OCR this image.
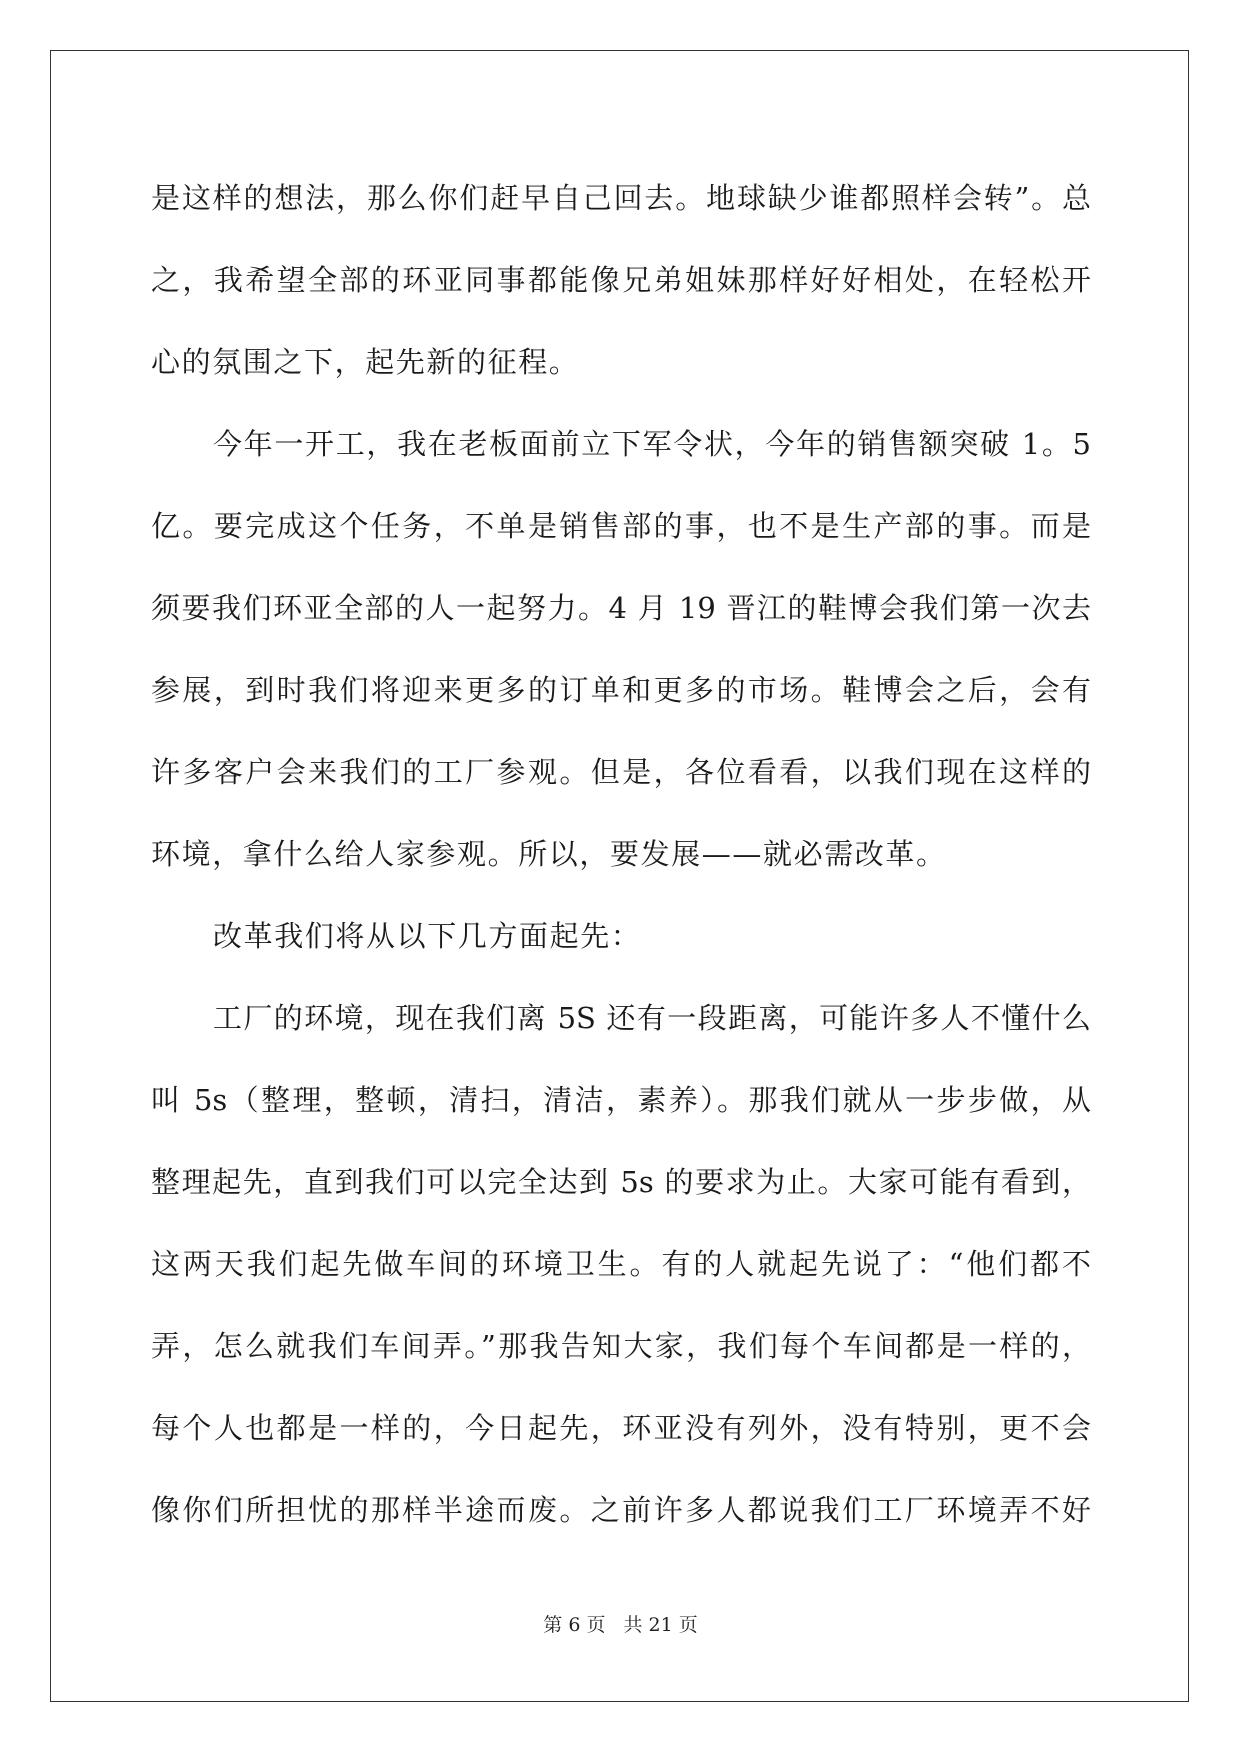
是这样的想法，那么你们赶早自己回去。地球缺少谁都照样会转”。总
之，我希望全部的环亚同事都能像兄弟姐妹那样好好相处，在轻松开
心的氛围之下，起先新的征程。
今年一开工，我在老板面前立下军令状，今年的销售额突破 1。5
亿。要完成这个任务，不单是销售部的事，也不是生产部的事。而是
须要我们环亚全部的人一起努力。4 月 19 晋江的鞋博会我们第一次去
参展，到时我们将迎来更多的订单和更多的市场。鞋博会之后，会有
许多客户会来我们的工厂参观。但是，各位看看，以我们现在这样的
环境，拿什么给人家参观。所以，要发展——就必需改革。
改革我们将从以下几方面起先：
工厂的环境，现在我们离 5S 还有一段距离，可能许多人不懂什么
叫 5s（整理，整顿，清扫，清洁，素养）。那我们就从一步步做，从
整理起先，直到我们可以完全达到 5s 的要求为止。大家可能有看到，
这两天我们起先做车间的环境卫生。有的人就起先说了：“他们都不
弄，怎么就我们车间弄。”那我告知大家，我们每个车间都是一样的，
每个人也都是一样的，今日起先，环亚没有列外，没有特别，更不会
像你们所担忧的那样半途而废。之前许多人都说我们工厂环境弄不好
第 6 页 共 21 页
